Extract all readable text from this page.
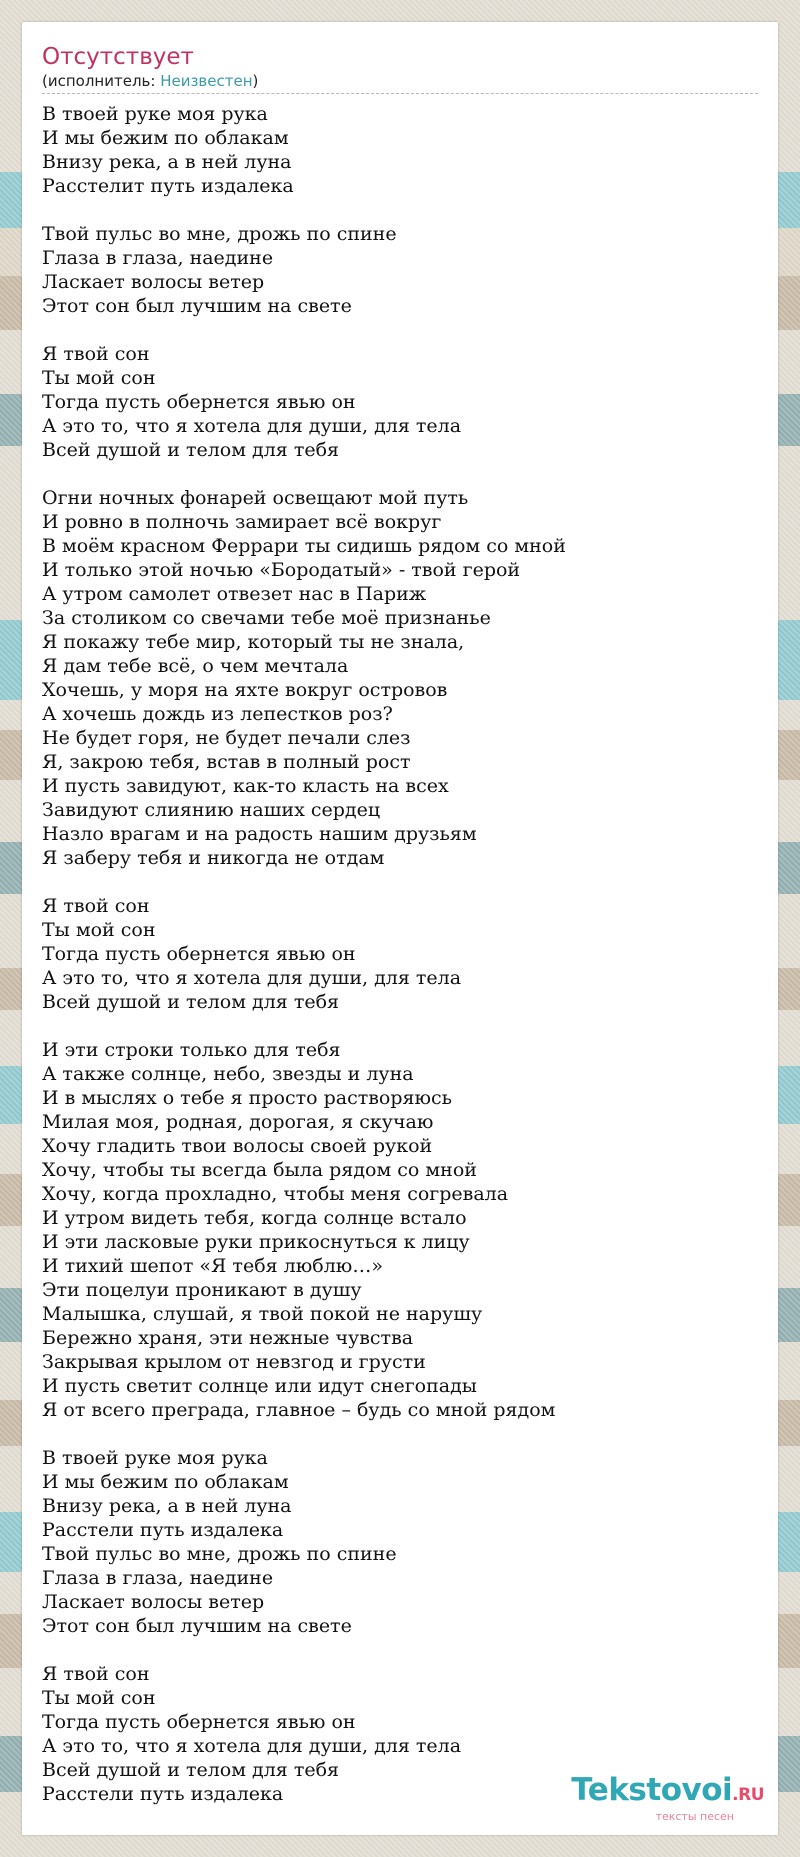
Отсутствует
(исполнитель: Неизвестен)
В твоей руке моя рука
И мы бежим по облакам
Внизу река, а в ней луна
Расстелит путь издалека
Твой пульс во мне, дрожь по спине
Глаза в глаза, наедине
Ласкает волосы ветер
Этот сон был лучшим на свете
Я твой сон
Ты мой сон
Тогда пусть обернется явью он
А это то, что я хотела для души, для тела
Всей душой и телом для тебя
Огни ночных фонарей освещают мой путь
И ровно в полночь замирает всё вокруг
В моём красном Феррари ты сидишь рядом со мной
И только этой ночью «Бородатый» - твой герой
А утром самолет отвезет нас в Париж
За столиком со свечами тебе моё признанье
Я покажу тебе мир, который ты не знала,
Я дам тебе всё, о чем мечтала
Хочешь, у моря на яхте вокруг островов
А хочешь дождь из лепестков роз?
Не будет горя, не будет печали слез
Я, закрою тебя, встав в полный рост
И пусть завидуют, как-то класть на всех
Завидуют слиянию наших сердец
Назло врагам и на радость нашим друзьям
Я заберу тебя и никогда не отдам
Я твой сон
Ты мой сон
Тогда пусть обернется явью он
А это то, что я хотела для души, для тела
Всей душой и телом для тебя
И эти строки только для тебя
А также солнце, небо, звезды и луна
И в мыслях о тебе я просто растворяюсь
Милая моя, родная, дорогая, я скучаю
Хочу гладить твои волосы своей рукой
Хочу, чтобы ты всегда была рядом со мной
Хочу, когда прохладно, чтобы меня согревала
И утром видеть тебя, когда солнце встало
И эти ласковые руки прикоснуться к лицу
И тихий шепот «Я тебя люблю…»
Эти поцелуи проникают в душу
Малышка, слушай, я твой покой не нарушу
Бережно храня, эти нежные чувства
Закрывая крылом от невзгод и грусти
И пусть светит солнце или идут снегопады
Я от всего преграда, главное – будь со мной рядом
В твоей руке моя рука
И мы бежим по облакам
Внизу река, а в ней луна
Расстели путь издалека
Твой пульс во мне, дрожь по спине
Глаза в глаза, наедине
Ласкает волосы ветер
Этот сон был лучшим на свете
Я твой сон
Ты мой сон
Тогда пусть обернется явью он
А это то, что я хотела для души, для тела
Всей душой и телом для тебя
Расстели путь издалека	Tekstovoi.RU
тексты песен
